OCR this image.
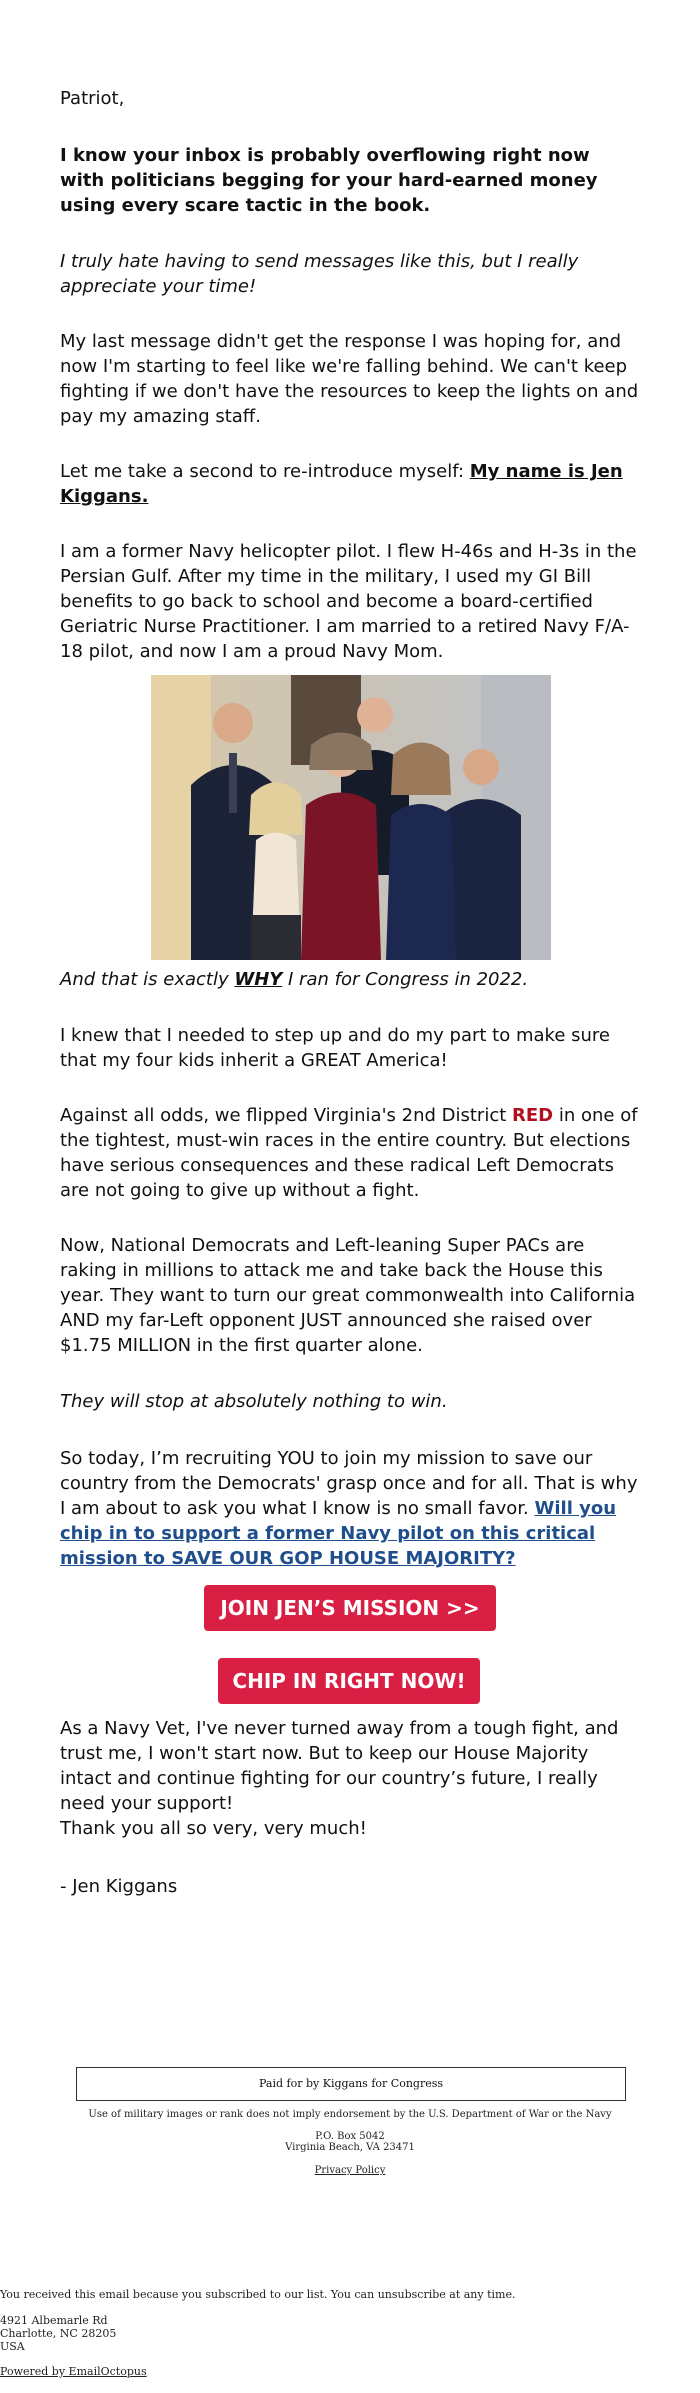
Patriot,

I know your inbox is probably overflowing right now with politicians begging for your hard-earned money using every scare tactic in the book.

I truly hate having to send messages like this, but I really appreciate your time!

My last message didn't get the response I was hoping for, and now I'm starting to feel like we're falling behind. We can't keep fighting if we don't have the resources to keep the lights on and pay my amazing staff.

Let me take a second to re-introduce myself: My name is Jen Kiggans.

I am a former Navy helicopter pilot. I flew H-46s and H-3s in the Persian Gulf. After my time in the military, I used my GI Bill benefits to go back to school and become a board-certified Geriatric Nurse Practitioner. I am married to a retired Navy F/A-18 pilot, and now I am a proud Navy Mom.

And that is exactly WHY I ran for Congress in 2022.

I knew that I needed to step up and do my part to make sure that my four kids inherit a GREAT America!

Against all odds, we flipped Virginia's 2nd District RED in one of the tightest, must-win races in the entire country. But elections have serious consequences and these radical Left Democrats are not going to give up without a fight.

Now, National Democrats and Left-leaning Super PACs are raking in millions to attack me and take back the House this year. They want to turn our great commonwealth into California AND my far-Left opponent JUST announced she raised over $1.75 MILLION in the first quarter alone.

They will stop at absolutely nothing to win.

So today, I’m recruiting YOU to join my mission to save our country from the Democrats' grasp once and for all. That is why I am about to ask you what I know is no small favor. Will you chip in to support a former Navy pilot on this critical mission to SAVE OUR GOP HOUSE MAJORITY?

JOIN JEN’S MISSION >>
CHIP IN RIGHT NOW!

As a Navy Vet, I've never turned away from a tough fight, and trust me, I won't start now. But to keep our House Majority intact and continue fighting for our country’s future, I really need your support!

Thank you all so very, very much!

- Jen Kiggans

Paid for by Kiggans for Congress
Use of military images or rank does not imply endorsement by the U.S. Department of War or the Navy
P.O. Box 5042
Virginia Beach, VA 23471
Privacy Policy
You received this email because you subscribed to our list. You can unsubscribe at any time.
4921 Albemarle Rd
Charlotte, NC 28205
USA
Powered by EmailOctopus
